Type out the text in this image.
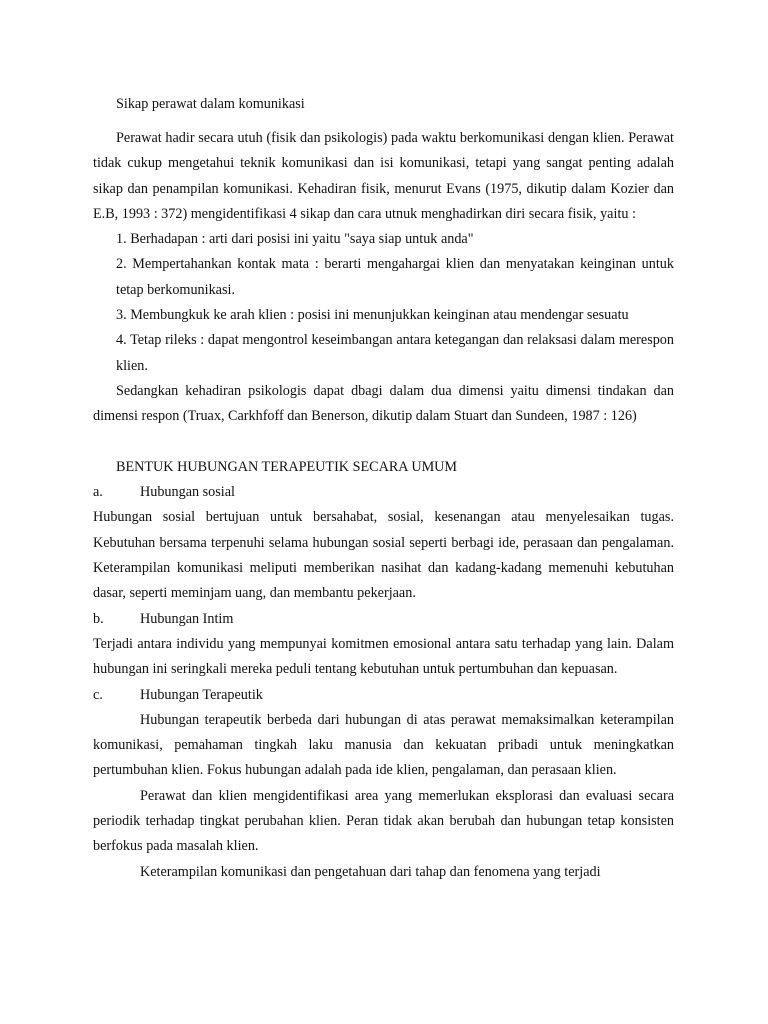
Sikap perawat dalam komunikasi

Perawat hadir secara utuh (fisik dan psikologis) pada waktu berkomunikasi dengan klien. Perawat tidak cukup mengetahui teknik komunikasi dan isi komunikasi, tetapi yang sangat penting adalah sikap dan penampilan komunikasi. Kehadiran fisik, menurut Evans (1975, dikutip dalam Kozier dan E.B, 1993 : 372) mengidentifikasi 4 sikap dan cara utnuk menghadirkan diri secara fisik, yaitu :

1. Berhadapan : arti dari posisi ini yaitu "saya siap untuk anda"

2. Mempertahankan kontak mata : berarti mengahargai klien dan menyatakan keinginan untuk tetap berkomunikasi.

3. Membungkuk ke arah klien : posisi ini menunjukkan keinginan atau mendengar sesuatu

4. Tetap rileks : dapat mengontrol keseimbangan antara ketegangan dan relaksasi dalam merespon klien.

Sedangkan kehadiran psikologis dapat dbagi dalam dua dimensi yaitu dimensi tindakan dan dimensi respon (Truax, Carkhfoff dan Benerson, dikutip dalam Stuart dan Sundeen, 1987 : 126)

BENTUK HUBUNGAN TERAPEUTIK SECARA UMUM

a.	Hubungan sosial

Hubungan sosial bertujuan untuk bersahabat, sosial, kesenangan atau menyelesaikan tugas. Kebutuhan bersama terpenuhi selama hubungan sosial seperti berbagi ide, perasaan dan pengalaman. Keterampilan komunikasi meliputi memberikan nasihat dan kadang-kadang memenuhi kebutuhan dasar, seperti meminjam uang, dan membantu pekerjaan.

b.	Hubungan Intim

Terjadi antara individu yang mempunyai komitmen emosional antara satu terhadap yang lain. Dalam hubungan ini seringkali mereka peduli tentang kebutuhan untuk pertumbuhan dan kepuasan.

c.	Hubungan Terapeutik

Hubungan terapeutik berbeda dari hubungan di atas perawat memaksimalkan keterampilan komunikasi, pemahaman tingkah laku manusia dan kekuatan pribadi untuk meningkatkan pertumbuhan klien. Fokus hubungan adalah pada ide klien, pengalaman, dan perasaan klien.

Perawat dan klien mengidentifikasi area yang memerlukan eksplorasi dan evaluasi secara periodik terhadap tingkat perubahan klien. Peran tidak akan berubah dan hubungan tetap konsisten berfokus pada masalah klien.

Keterampilan komunikasi dan pengetahuan dari tahap dan fenomena yang terjadi
